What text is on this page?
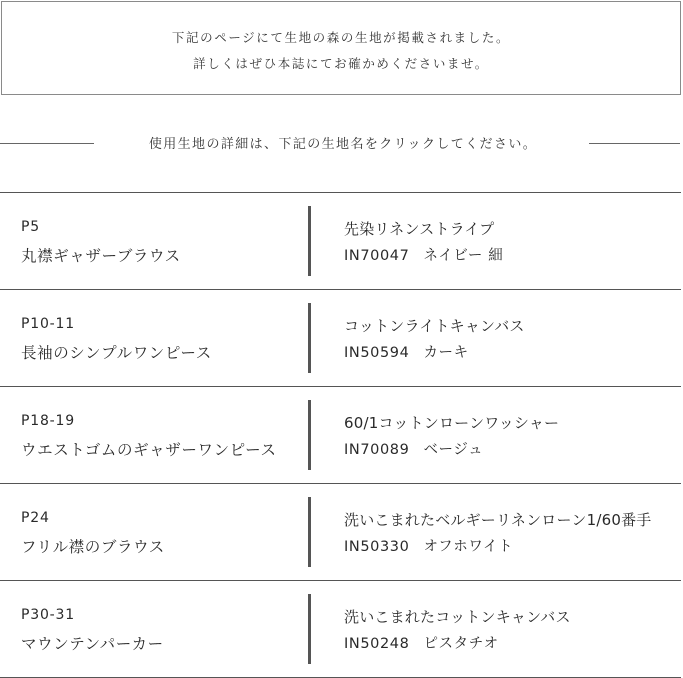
下記のページにて生地の森の生地が掲載されました。
詳しくはぜひ本誌にてお確かめくださいませ。
使用生地の詳細は、下記の生地名をクリックしてください。
P5
丸襟ギャザーブラウス
先染リネンストライプ
IN70047 ネイビー 細
P10-11
長袖のシンプルワンピース
コットンライトキャンバス
IN50594 カーキ
P18-19
ウエストゴムのギャザーワンピース
60/1コットンローンワッシャー
IN70089 ベージュ
P24
フリル襟のブラウス
洗いこまれたベルギーリネンローン1/60番手
IN50330 オフホワイト
P30-31
マウンテンパーカー
洗いこまれたコットンキャンバス
IN50248 ピスタチオ
